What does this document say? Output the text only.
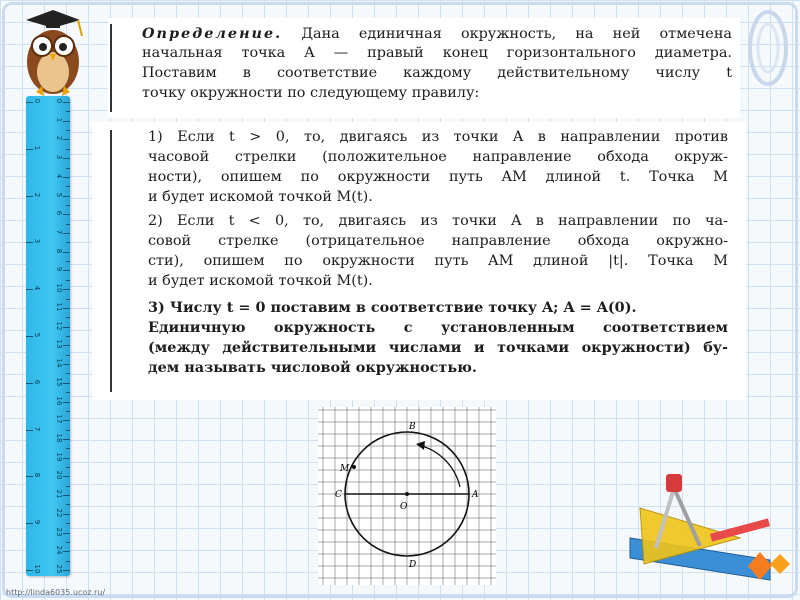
0
1
2
3
4
5
6
7
8
9
10
11
12
13
14
15
16
17
18
19
20
21
22
23
24
25
0
1
2
3
4
5
6
7
8
9
10
Определение. Дана единичная окружность, на ней отмечена
начальная точка A — правый конец горизонтального диаметра.
Поставим в соответствие каждому действительному числу t
точку окружности по следующему правилу:
1) Если t > 0, то, двигаясь из точки A в направлении против
часовой стрелки (положительное направление обхода окруж-
ности), опишем по окружности путь AM длиной t. Точка M
и будет искомой точкой M(t).
2) Если t < 0, то, двигаясь из точки A в направлении по ча-
совой стрелке (отрицательное направление обхода окружно-
сти), опишем по окружности путь AM длиной |t|. Точка M
и будет искомой точкой M(t).
3) Числу t = 0 поставим в соответствие точку A; A = A(0).
Единичную окружность с установленным соответствием
(между действительными числами и точками окружности) бу-
дем называть числовой окружностью.
B
D
C	A
O
M
http://linda6035.ucoz.ru/
